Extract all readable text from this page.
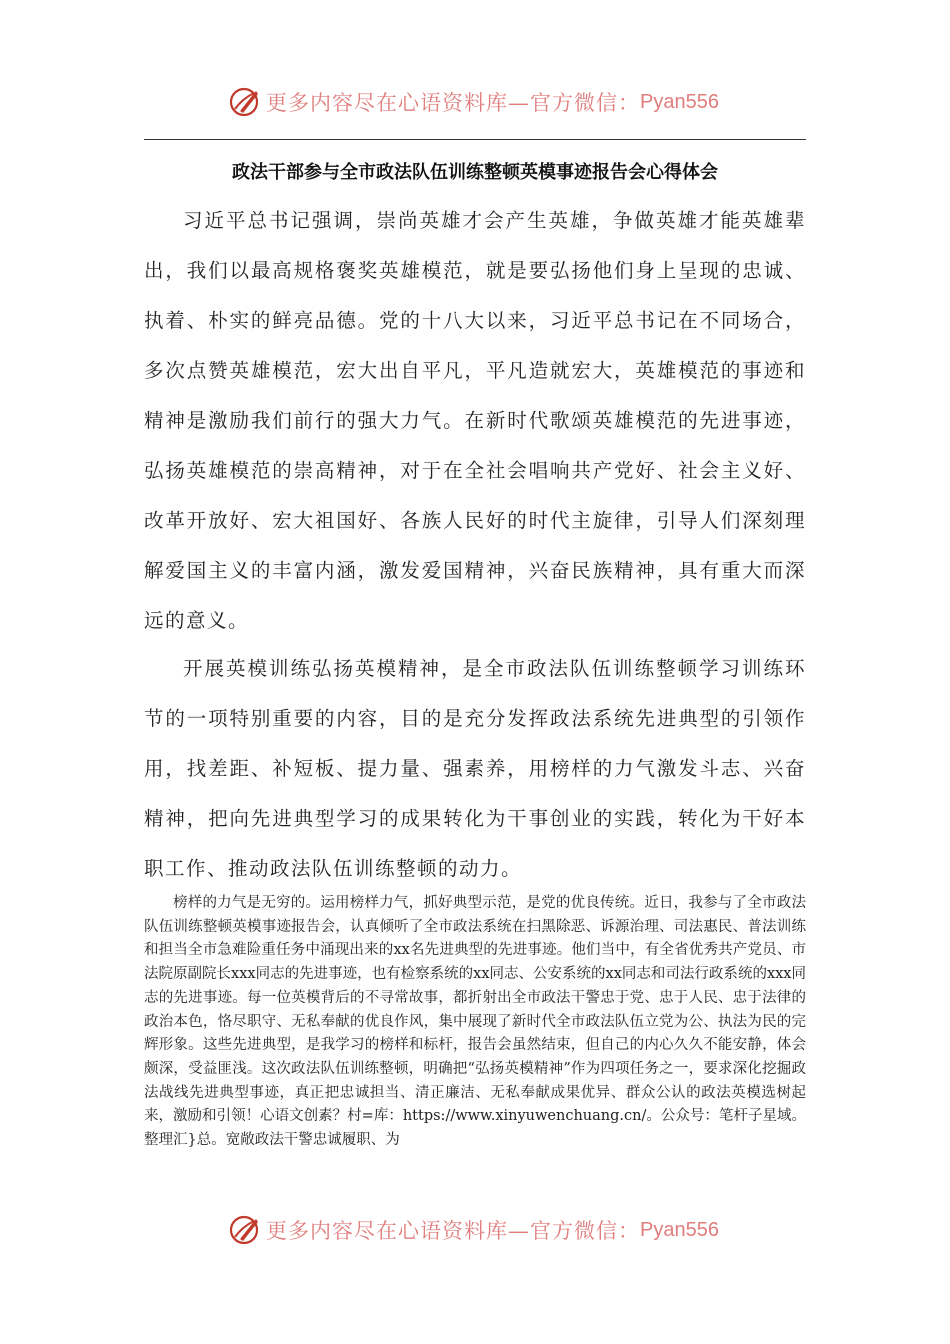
更多内容尽在心语资料库—官方微信： Pyan556
政法干部参与全市政法队伍训练整顿英模事迹报告会心得体会

习近平总书记强调，崇尚英雄才会产生英雄，争做英雄才能英雄辈出，我们以最高规格褒奖英雄模范，就是要弘扬他们身上呈现的忠诚、执着、朴实的鲜亮品德。党的十八大以来，习近平总书记在不同场合，多次点赞英雄模范，宏大出自平凡，平凡造就宏大，英雄模范的事迹和精神是激励我们前行的强大力气。在新时代歌颂英雄模范的先进事迹，弘扬英雄模范的崇高精神，对于在全社会唱响共产党好、社会主义好、改革开放好、宏大祖国好、各族人民好的时代主旋律，引导人们深刻理解爱国主义的丰富内涵，激发爱国精神，兴奋民族精神，具有重大而深远的意义。

开展英模训练弘扬英模精神，是全市政法队伍训练整顿学习训练环节的一项特别重要的内容，目的是充分发挥政法系统先进典型的引领作用，找差距、补短板、提力量、强素养，用榜样的力气激发斗志、兴奋精神，把向先进典型学习的成果转化为干事创业的实践，转化为干好本职工作、推动政法队伍训练整顿的动力。

榜样的力气是无穷的。运用榜样力气，抓好典型示范，是党的优良传统。近日，我参与了全市政法队伍训练整顿英模事迹报告会，认真倾听了全市政法系统在扫黑除恶、诉源治理、司法惠民、普法训练和担当全市急难险重任务中涌现出来的xx名先进典型的先进事迹。他们当中，有全省优秀共产党员、市法院原副院长xxx同志的先进事迹，也有检察系统的xx同志、公安系统的xx同志和司法行政系统的xxx同志的先进事迹。每一位英模背后的不寻常故事，都折射出全市政法干警忠于党、忠于人民、忠于法律的政治本色，恪尽职守、无私奉献的优良作风，集中展现了新时代全市政法队伍立党为公、执法为民的完辉形象。这些先进典型，是我学习的榜样和标杆，报告会虽然结束，但自己的内心久久不能安静，体会颇深，受益匪浅。这次政法队伍训练整顿，明确把“弘扬英模精神”作为四项任务之一，要求深化挖掘政法战线先进典型事迹，真正把忠诚担当、清正廉洁、无私奉献成果优异、群众公认的政法英模选树起来，激励和引领！心语文创素？村=库：https://www.xinyuwenchuang.cn/。公众号：笔杆子星域。整理汇}总。宽敞政法干警忠诚履职、为

更多内容尽在心语资料库—官方微信： Pyan556
